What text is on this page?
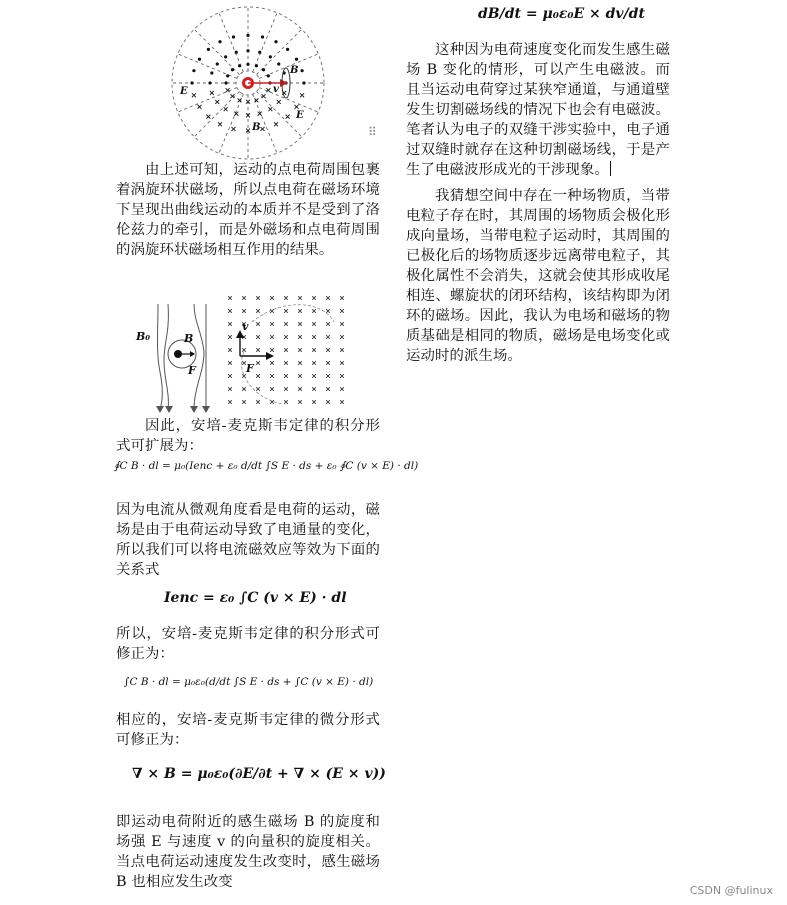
E
E
B
B
v
⠿

由上述可知，运动的点电荷周围包裹着涡旋环状磁场，所以点电荷在磁场环境下呈现出曲线运动的本质并不是受到了洛伦兹力的牵引，而是外磁场和点电荷周围的涡旋环状磁场相互作用的结果。

B₀	B
F	F
v

因此，安培-麦克斯韦定律的积分形式可扩展为：

∮C B · dl = μ₀(Ienc + ε₀ d/dt ∫S E · ds + ε₀ ∮C (v × E) · dl)

因为电流从微观角度看是电荷的运动，磁场是由于电荷运动导致了电通量的变化，所以我们可以将电流磁效应等效为下面的关系式

Ienc = ε₀ ∫C (v × E) · dl

所以，安培-麦克斯韦定律的积分形式可修正为：

∫C B · dl = μ₀ε₀(d/dt ∫S E · ds + ∫C (v × E) · dl)

相应的，安培-麦克斯韦定律的微分形式可修正为：

∇ × B = μ₀ε₀(∂E/∂t + ∇ × (E × v))

即运动电荷附近的感生磁场 B 的旋度和场强 E 与速度 v 的向量积的旋度相关。当点电荷运动速度发生改变时，感生磁场 B 也相应发生改变

dB/dt = μ₀ε₀E × dv/dt

这种因为电荷速度变化而发生感生磁场 B 变化的情形，可以产生电磁波。而且当运动电荷穿过某狭窄通道，与通道壁发生切割磁场线的情况下也会有电磁波。笔者认为电子的双缝干涉实验中，电子通过双缝时就存在这种切割磁场线，于是产生了电磁波形成光的干涉现象。

我猜想空间中存在一种场物质，当带电粒子存在时，其周围的场物质会极化形成向量场，当带电粒子运动时，其周围的已极化后的场物质逐步远离带电粒子，其极化属性不会消失，这就会使其形成收尾相连、螺旋状的闭环结构，该结构即为闭环的磁场。因此，我认为电场和磁场的物质基础是相同的物质，磁场是电场变化或运动时的派生场。

CSDN @fulinux
